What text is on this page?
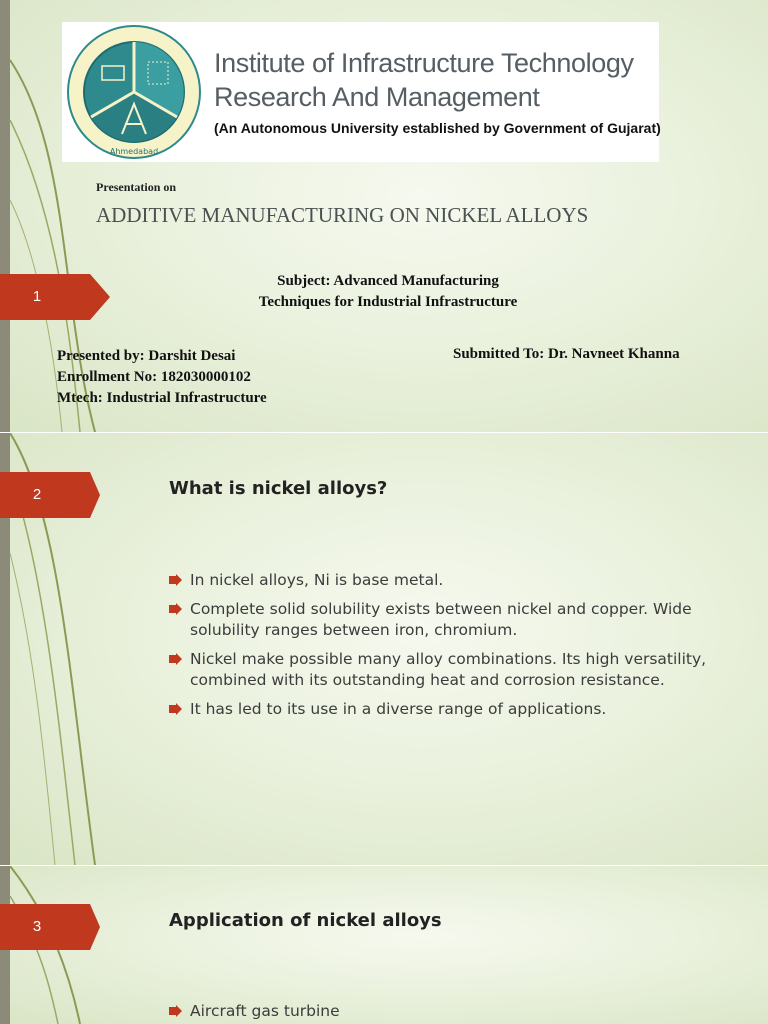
Ahmedabad
Institute of Infrastructure Technology
Research And Management
(An Autonomous University established by Government of Gujarat)
Presentation on
ADDITIVE MANUFACTURING ON NICKEL ALLOYS
1
Subject: Advanced Manufacturing
Techniques for Industrial Infrastructure
Presented by: Darshit Desai
Enrollment No: 182030000102
Mtech: Industrial Infrastructure
Submitted To: Dr. Navneet Khanna
2	What is nickel alloys?
In nickel alloys, Ni is base metal.
Complete solid solubility exists between nickel and copper. Wide solubility ranges between iron, chromium.
Nickel make possible many alloy combinations. Its high versatility, combined with its outstanding heat and corrosion resistance.
It has led to its use in a diverse range of applications.
3	Application of nickel alloys
Aircraft gas turbine
